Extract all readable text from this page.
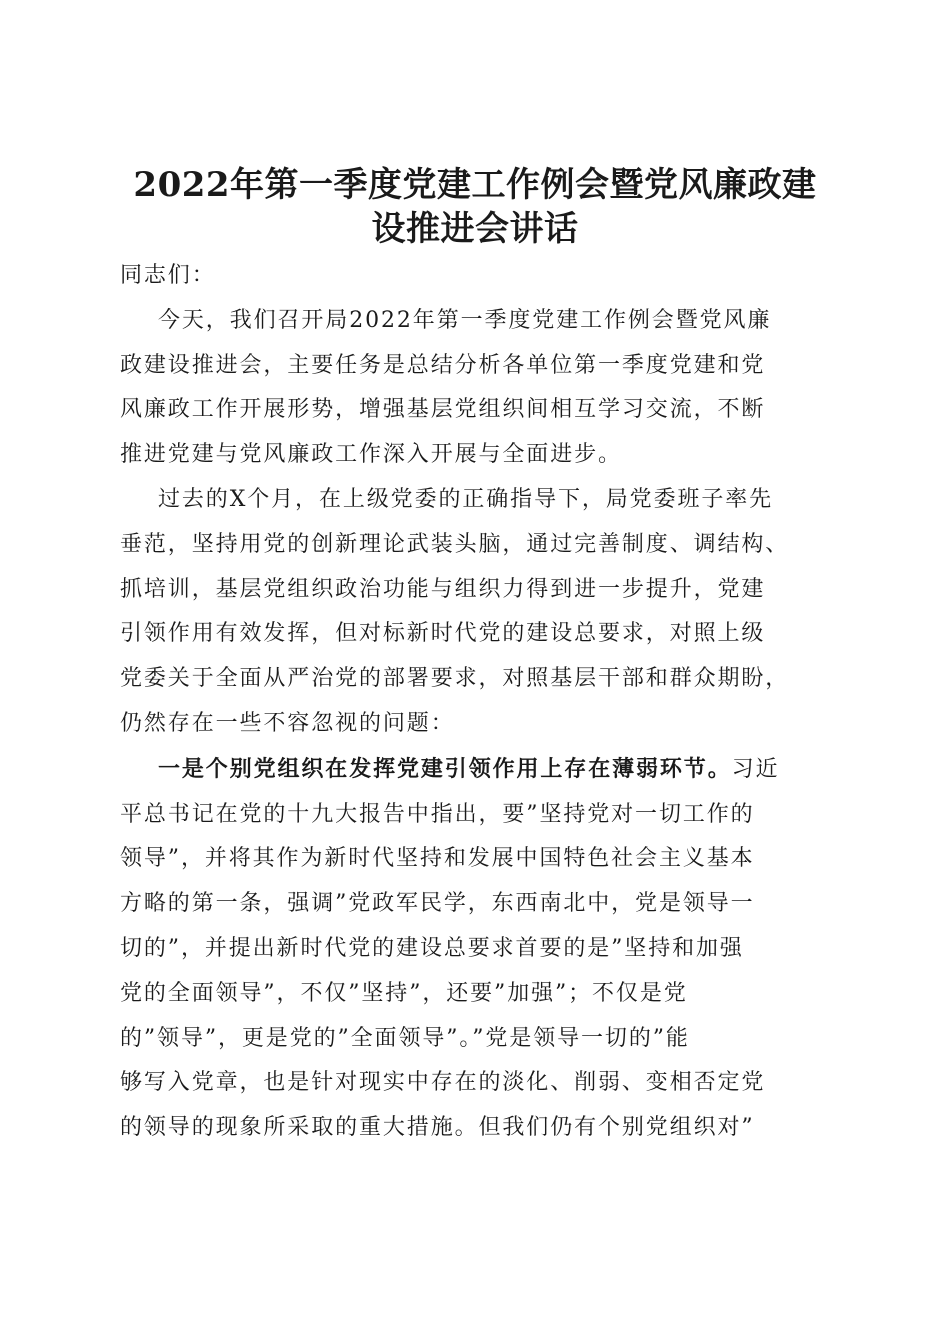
2022年第一季度党建工作例会暨党风廉政建
设推进会讲话

同志们：

今天，我们召开局2022年第一季度党建工作例会暨党风廉
政建设推进会，主要任务是总结分析各单位第一季度党建和党
风廉政工作开展形势，增强基层党组织间相互学习交流，不断
推进党建与党风廉政工作深入开展与全面进步。

过去的X个月，在上级党委的正确指导下，局党委班子率先
垂范，坚持用党的创新理论武装头脑，通过完善制度、调结构、
抓培训，基层党组织政治功能与组织力得到进一步提升，党建
引领作用有效发挥，但对标新时代党的建设总要求，对照上级
党委关于全面从严治党的部署要求，对照基层干部和群众期盼，
仍然存在一些不容忽视的问题：

一是个别党组织在发挥党建引领作用上存在薄弱环节。习近
平总书记在党的十九大报告中指出，要”坚持党对一切工作的
领导”，并将其作为新时代坚持和发展中国特色社会主义基本
方略的第一条，强调”党政军民学，东西南北中，党是领导一
切的”，并提出新时代党的建设总要求首要的是”坚持和加强
党的全面领导”，不仅”坚持”，还要”加强”；不仅是党
的”领导”，更是党的”全面领导”。”党是领导一切的”能
够写入党章，也是针对现实中存在的淡化、削弱、变相否定党
的领导的现象所采取的重大措施。但我们仍有个别党组织对”
